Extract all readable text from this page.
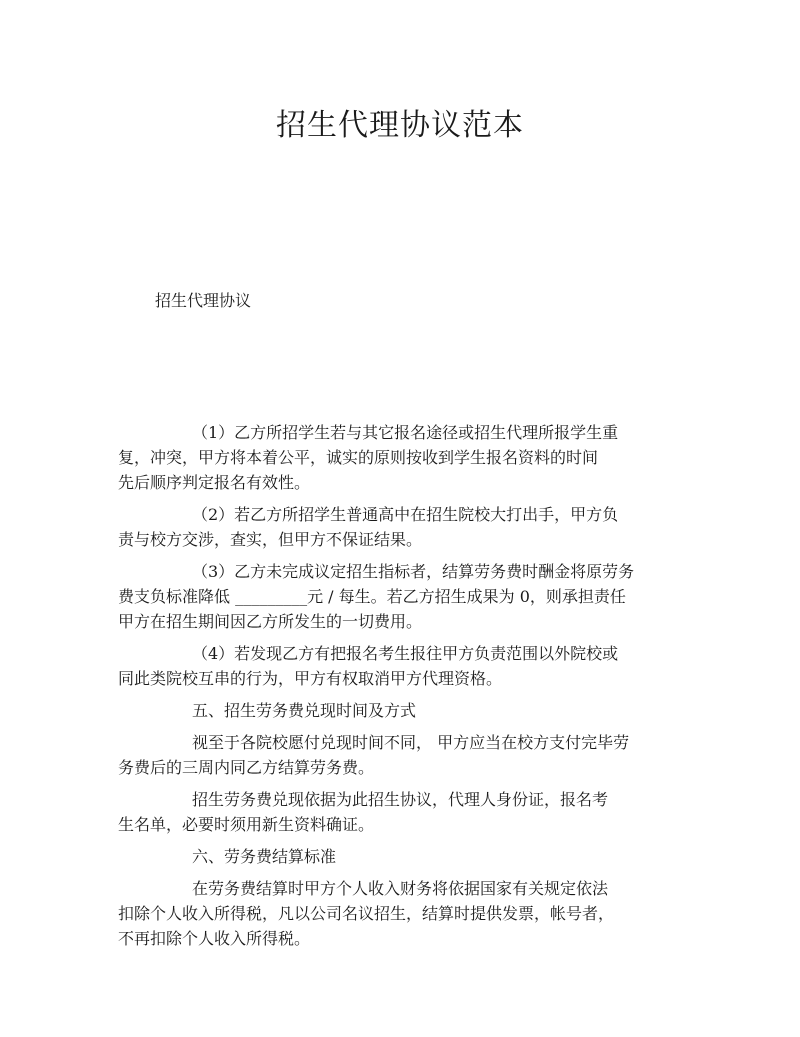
招生代理协议范本
招生代理协议
（1）乙方所招学生若与其它报名途径或招生代理所报学生重
复，冲突，甲方将本着公平，诚实的原则按收到学生报名资料的时间
先后顺序判定报名有效性。
（2）若乙方所招学生普通高中在招生院校大打出手，甲方负
责与校方交涉，查实，但甲方不保证结果。
（3）乙方未完成议定招生指标者，结算劳务费时酬金将原劳务
费支负标准降低 _________元 / 每生。若乙方招生成果为 0，则承担责任
甲方在招生期间因乙方所发生的一切费用。
（4）若发现乙方有把报名考生报往甲方负责范围以外院校或
同此类院校互串的行为，甲方有权取消甲方代理资格。
五、招生劳务费兑现时间及方式
视至于各院校愿付兑现时间不同， 甲方应当在校方支付完毕劳
务费后的三周内同乙方结算劳务费。
招生劳务费兑现依据为此招生协议，代理人身份证，报名考
生名单，必要时须用新生资料确证。
六、劳务费结算标准
在劳务费结算时甲方个人收入财务将依据国家有关规定依法
扣除个人收入所得税，凡以公司名议招生，结算时提供发票，帐号者，
不再扣除个人收入所得税。
